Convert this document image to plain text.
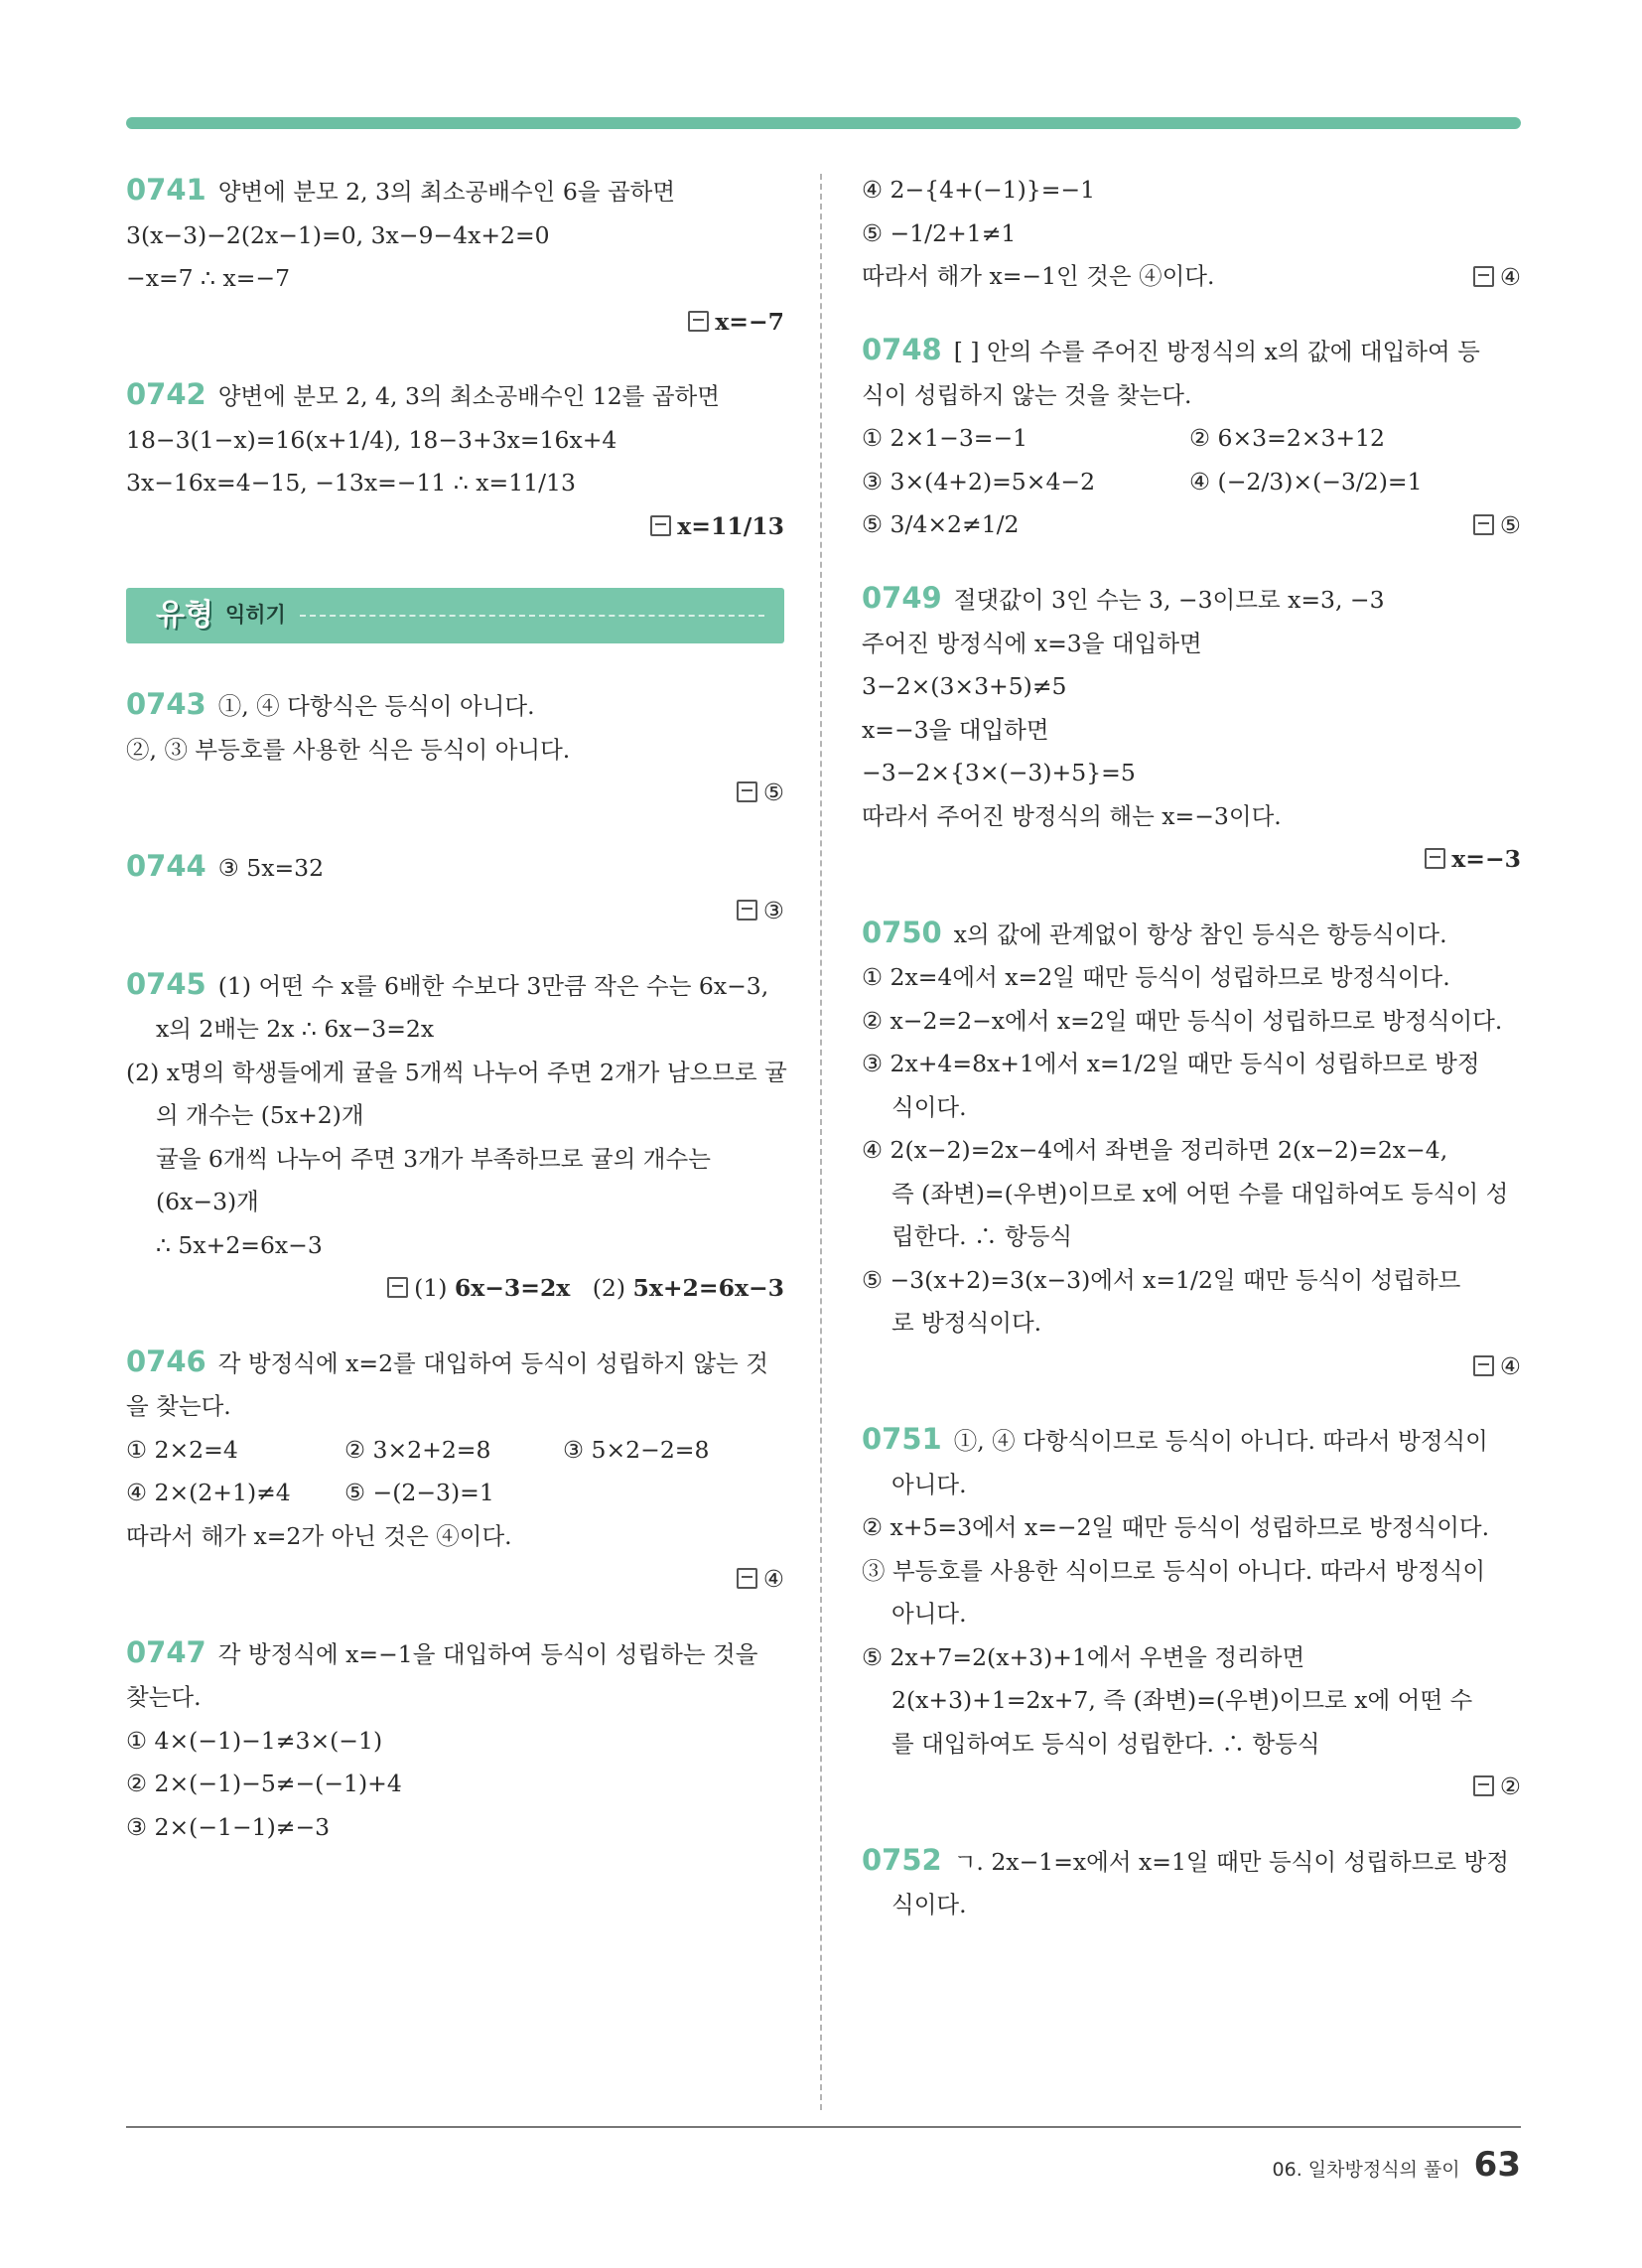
0741 양변에 분모 2, 3의 최소공배수인 6을 곱하면
3(x−3)−2(2x−1)=0, 3x−9−4x+2=0
−x=7 ∴ x=−7
x=−7
0742 양변에 분모 2, 4, 3의 최소공배수인 12를 곱하면
18−3(1−x)=16(x+1/4), 18−3+3x=16x+4
3x−16x=4−15, −13x=−11 ∴ x=11/13
x=11/13
유형 익히기
0743 ①, ④ 다항식은 등식이 아니다.
②, ③ 부등호를 사용한 식은 등식이 아니다.
⑤
0744 ③ 5x=32
③
0745 (1) 어떤 수 x를 6배한 수보다 3만큼 작은 수는 6x−3,
x의 2배는 2x ∴ 6x−3=2x
(2) x명의 학생들에게 귤을 5개씩 나누어 주면 2개가 남으므로 귤
의 개수는 (5x+2)개
귤을 6개씩 나누어 주면 3개가 부족하므로 귤의 개수는
(6x−3)개
∴ 5x+2=6x−3
(1) 6x−3=2x (2) 5x+2=6x−3
0746 각 방정식에 x=2를 대입하여 등식이 성립하지 않는 것
을 찾는다.
① 2×2=4	② 3×2+2=8	③ 5×2−2=8
④ 2×(2+1)≠4 ⑤ −(2−3)=1
따라서 해가 x=2가 아닌 것은 ④이다.
④
0747 각 방정식에 x=−1을 대입하여 등식이 성립하는 것을
찾는다.
① 4×(−1)−1≠3×(−1)
② 2×(−1)−5≠−(−1)+4
③ 2×(−1−1)≠−3
④ 2−{4+(−1)}=−1
⑤ −1/2+1≠1
따라서 해가 x=−1인 것은 ④이다.	④
0748 [ ] 안의 수를 주어진 방정식의 x의 값에 대입하여 등
식이 성립하지 않는 것을 찾는다.
① 2×1−3=−1	② 6×3=2×3+12
③ 3×(4+2)=5×4−2	④ (−2/3)×(−3/2)=1
⑤ 3/4×2≠1/2	⑤
0749 절댓값이 3인 수는 3, −3이므로 x=3, −3
주어진 방정식에 x=3을 대입하면
3−2×(3×3+5)≠5
x=−3을 대입하면
−3−2×{3×(−3)+5}=5
따라서 주어진 방정식의 해는 x=−3이다.
x=−3
0750 x의 값에 관계없이 항상 참인 등식은 항등식이다.
① 2x=4에서 x=2일 때만 등식이 성립하므로 방정식이다.
② x−2=2−x에서 x=2일 때만 등식이 성립하므로 방정식이다.
③ 2x+4=8x+1에서 x=1/2일 때만 등식이 성립하므로 방정
식이다.
④ 2(x−2)=2x−4에서 좌변을 정리하면 2(x−2)=2x−4,
즉 (좌변)=(우변)이므로 x에 어떤 수를 대입하여도 등식이 성
립한다. ∴ 항등식
⑤ −3(x+2)=3(x−3)에서 x=1/2일 때만 등식이 성립하므
로 방정식이다.
④
0751 ①, ④ 다항식이므로 등식이 아니다. 따라서 방정식이
아니다.
② x+5=3에서 x=−2일 때만 등식이 성립하므로 방정식이다.
③ 부등호를 사용한 식이므로 등식이 아니다. 따라서 방정식이
아니다.
⑤ 2x+7=2(x+3)+1에서 우변을 정리하면
2(x+3)+1=2x+7, 즉 (좌변)=(우변)이므로 x에 어떤 수
를 대입하여도 등식이 성립한다. ∴ 항등식
②
0752 ㄱ. 2x−1=x에서 x=1일 때만 등식이 성립하므로 방정
식이다.
06. 일차방정식의 풀이 63
